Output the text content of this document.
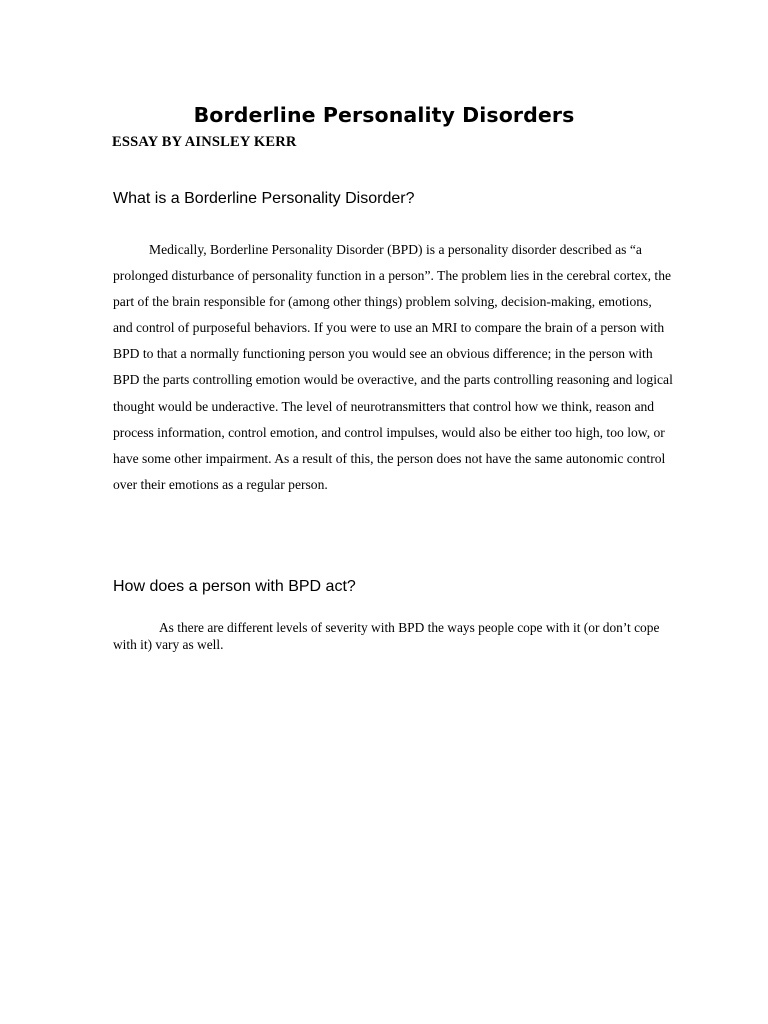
Borderline Personality Disorders

ESSAY BY AINSLEY KERR

What is a Borderline Personality Disorder?

Medically, Borderline Personality Disorder (BPD) is a personality disorder described as “a prolonged disturbance of personality function in a person”. The problem lies in the cerebral cortex, the part of the brain responsible for (among other things) problem solving, decision-making, emotions, and control of purposeful behaviors. If you were to use an MRI to compare the brain of a person with BPD to that a normally functioning person you would see an obvious difference; in the person with BPD the parts controlling emotion would be overactive, and the parts controlling reasoning and logical thought would be underactive. The level of neurotransmitters that control how we think, reason and process information, control emotion, and control impulses, would also be either too high, too low, or have some other impairment. As a result of this, the person does not have the same autonomic control over their emotions as a regular person.

How does a person with BPD act?

As there are different levels of severity with BPD the ways people cope with it (or don’t cope with it) vary as well.
